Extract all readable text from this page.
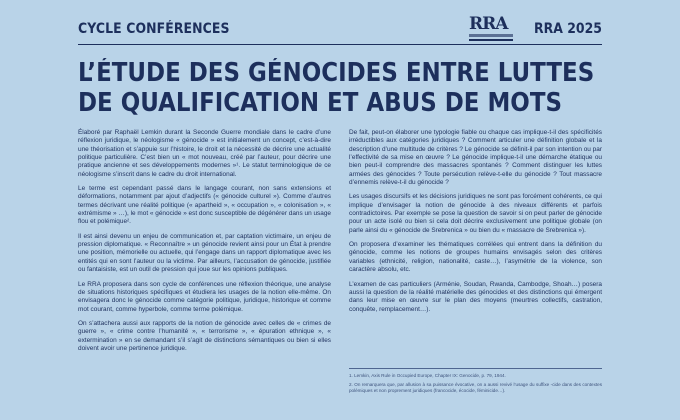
CYCLE CONFÉRENCES	RRA RRA 2025
L’ÉTUDE DES GÉNOCIDES ENTRE LUTTES
DE QUALIFICATION ET ABUS DE MOTS

Élaboré par Raphaël Lemkin durant la Seconde Guerre mondiale dans le cadre d’une réflexion juridique, le néologisme « génocide » est initialement un concept, c’est-à-dire une théorisation et s’appuie sur l’histoire, le droit et la nécessité de décrire une actualité politique particulière. C’est bien un « mot nouveau, créé par l’auteur, pour décrire une pratique ancienne et ses développements modernes »¹. Le statut terminologique de ce néologisme s’inscrit dans le cadre du droit international.

Le terme est cependant passé dans le langage courant, non sans extensions et déformations, notamment par ajout d’adjectifs (« génocide culturel »). Comme d’autres termes décrivant une réalité politique (« apartheid », « occupation », « colonisation », « extrémisme » …), le mot « génocide » est donc susceptible de dégénérer dans un usage flou et polémique².

Il est ainsi devenu un enjeu de communication et, par captation victimaire, un enjeu de pression diplomatique. « Reconnaître » un génocide revient ainsi pour un État à prendre une position, mémorielle ou actuelle, qui l’engage dans un rapport diplomatique avec les entités qui en sont l’auteur ou la victime. Par ailleurs, l’accusation de génocide, justifiée ou fantaisiste, est un outil de pression qui joue sur les opinions publiques.

Le RRA proposera dans son cycle de conférences une réflexion théorique, une analyse de situations historiques spécifiques et étudiera les usages de la notion elle-même. On envisagera donc le génocide comme catégorie politique, juridique, historique et comme mot courant, comme hyperbole, comme terme polémique.

On s’attachera aussi aux rapports de la notion de génocide avec celles de « crimes de guerre », « crime contre l’humanité », « terrorisme », « épuration ethnique », « extermination » en se demandant s’il s’agit de distinctions sémantiques ou bien si elles doivent avoir une pertinence juridique.

De fait, peut-on élaborer une typologie fiable ou chaque cas implique-t-il des spécificités irréductibles aux catégories juridiques ? Comment articuler une définition globale et la description d’une multitude de critères ? Le génocide se définit-il par son intention ou par l’effectivité de sa mise en œuvre ? Le génocide implique-t-il une démarche étatique ou bien peut-il comprendre des massacres spontanés ? Comment distinguer les luttes armées des génocides ? Toute persécution relève-t-elle du génocide ? Tout massacre d’ennemis relève-t-il du génocide ?

Les usages discursifs et les décisions juridiques ne sont pas forcément cohérents, ce qui implique d’envisager la notion de génocide à des niveaux différents et parfois contradictoires. Par exemple se pose la question de savoir si on peut parler de génocide pour un acte isolé ou bien si cela doit décrire exclusivement une politique globale (on parle ainsi du « génocide de Srebrenica » ou bien du « massacre de Srebrenica »).

On proposera d’examiner les thématiques corrélées qui entrent dans la définition du génocide, comme les notions de groupes humains envisagés selon des critères variables (ethnicité, religion, nationalité, caste…), l’asymétrie de la violence, son caractère absolu, etc.

L’examen de cas particuliers (Arménie, Soudan, Rwanda, Cambodge, Shoah…) posera aussi la question de la réalité matérielle des génocides et des distinctions qui émergent dans leur mise en œuvre sur le plan des moyens (meurtres collectifs, castration, conquête, remplacement…).

1. Lemkin, Axis Rule in Occupied Europe, Chapter IX: Genocide, p. 79, 1944.

2. On remarquera que, par allusion à sa puissance évocative, on a aussi revivé l’usage du suffixe -cide dans des contextes polémiques et non proprement juridiques (francocide, écocide, féminicide…).
